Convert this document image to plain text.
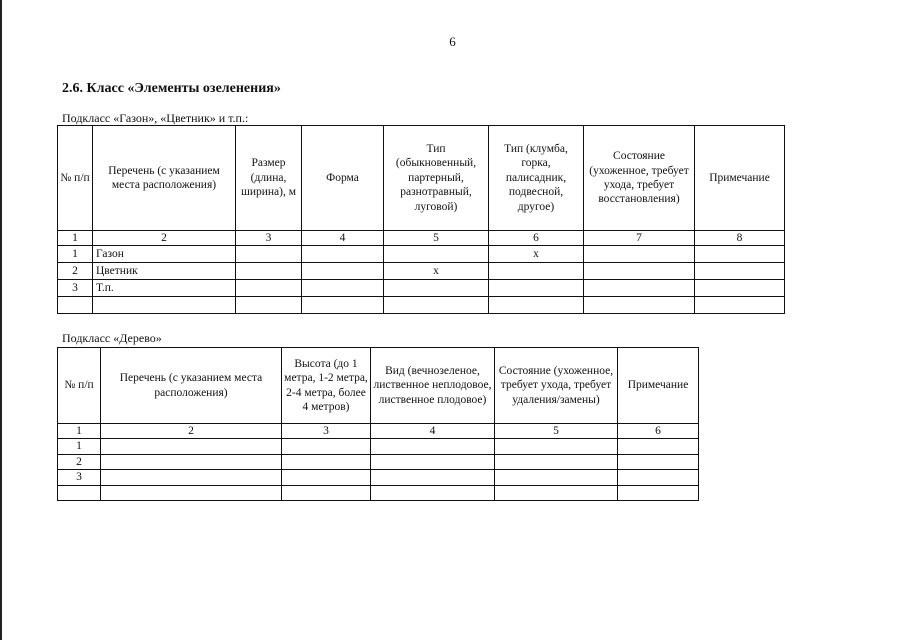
6
2.6. Класс «Элементы озеленения»
Подкласс «Газон», «Цветник» и т.п.:
№ п/п	Перечень (с указанием места расположения)	Размер (длина, ширина), м	Форма	Тип (обыкновенный, партерный, разнотравный, луговой)	Тип (клумба, горка, палисадник, подвесной, другое)	Состояние (ухоженное, требует ухода, требует восстановления)	Примечание
1	2	3	4	5	6	7	8
1	Газон				x		
2	Цветник			x			
3	Т.п.						

Подкласс «Дерево»
№ п/п	Перечень (с указанием места расположения)	Высота (до 1 метра, 1-2 метра, 2-4 метра, более 4 метров)	Вид (вечнозеленое, лиственное неплодовое, лиственное плодовое)	Состояние (ухоженное, требует ухода, требует удаления/замены)	Примечание
1	2	3	4	5	6
1					
2					
3					
